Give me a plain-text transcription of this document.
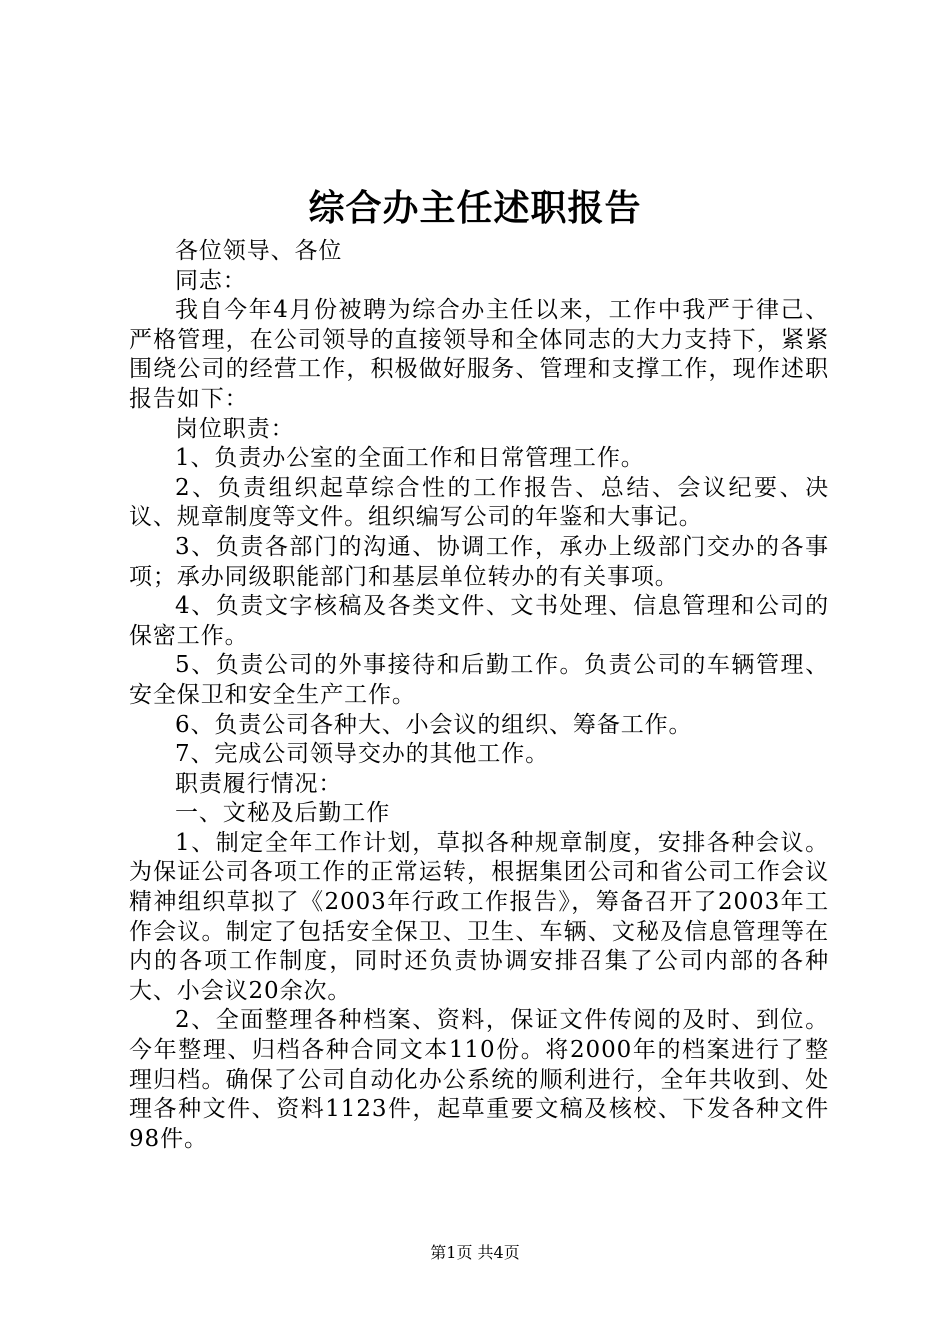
综合办主任述职报告

各位领导、各位

同志：

我自今年4月份被聘为综合办主任以来，工作中我严于律己、严格管理，在公司领导的直接领导和全体同志的大力支持下，紧紧围绕公司的经营工作，积极做好服务、管理和支撑工作，现作述职报告如下：

岗位职责：

1、负责办公室的全面工作和日常管理工作。

2、负责组织起草综合性的工作报告、总结、会议纪要、决议、规章制度等文件。组织编写公司的年鉴和大事记。

3、负责各部门的沟通、协调工作，承办上级部门交办的各事项；承办同级职能部门和基层单位转办的有关事项。

4、负责文字核稿及各类文件、文书处理、信息管理和公司的保密工作。

5、负责公司的外事接待和后勤工作。负责公司的车辆管理、安全保卫和安全生产工作。

6、负责公司各种大、小会议的组织、筹备工作。

7、完成公司领导交办的其他工作。

职责履行情况：

一、文秘及后勤工作

1、制定全年工作计划，草拟各种规章制度，安排各种会议。为保证公司各项工作的正常运转，根据集团公司和省公司工作会议精神组织草拟了《2003年行政工作报告》，筹备召开了2003年工作会议。制定了包括安全保卫、卫生、车辆、文秘及信息管理等在内的各项工作制度，同时还负责协调安排召集了公司内部的各种大、小会议20余次。

2、全面整理各种档案、资料，保证文件传阅的及时、到位。今年整理、归档各种合同文本110份。将2000年的档案进行了整理归档。确保了公司自动化办公系统的顺利进行，全年共收到、处理各种文件、资料1123件，起草重要文稿及核校、下发各种文件98件。

第1页 共4页
